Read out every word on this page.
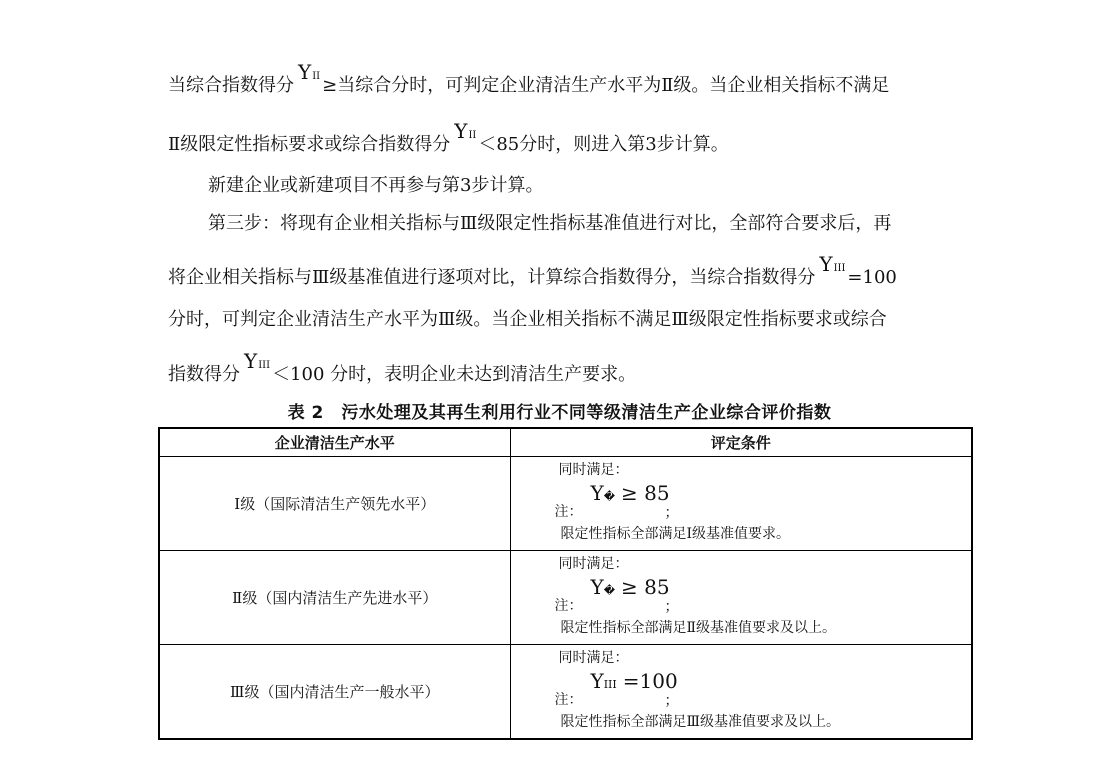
当综合指数得分$Y^{II}$ ≥当综合分时，可判定企业清洁生产水平为Ⅱ级。当企业相关指标不满足
Ⅱ级限定性指标要求或综合指数得分$Y^{II} <85$分时，则进入第3步计算。
新建企业或新建项目不再参与第3步计算。
第三步：将现有企业相关指标与Ⅲ级限定性指标基准值进行对比，全部符合要求后，再
将企业相关指标与Ⅲ级基准值进行逐项对比，计算综合指数得分，当综合指数得分$Y^{III} =100$
分时，可判定企业清洁生产水平为Ⅲ级。当企业相关指标不满足Ⅲ级限定性指标要求或综合
指数得分$Y^{III} <100$ 分时，表明企业未达到清洁生产要求。
表 2　污水处理及其再生利用行业不同等级清洁生产企业综合评价指数
企业清洁生产水平	评定条件
Ⅰ级（国际清洁生产领先水平）	同时满足：
注：
Y� ≥ 85
；
限定性指标全部满足Ⅰ级基准值要求。

Ⅱ级（国内清洁生产先进水平）	同时满足：
注：
Y� ≥ 85
；
限定性指标全部满足Ⅱ级基准值要求及以上。

Ⅲ级（国内清洁生产一般水平）	同时满足：
注：
YIII =100
；
限定性指标全部满足Ⅲ级基准值要求及以上。
